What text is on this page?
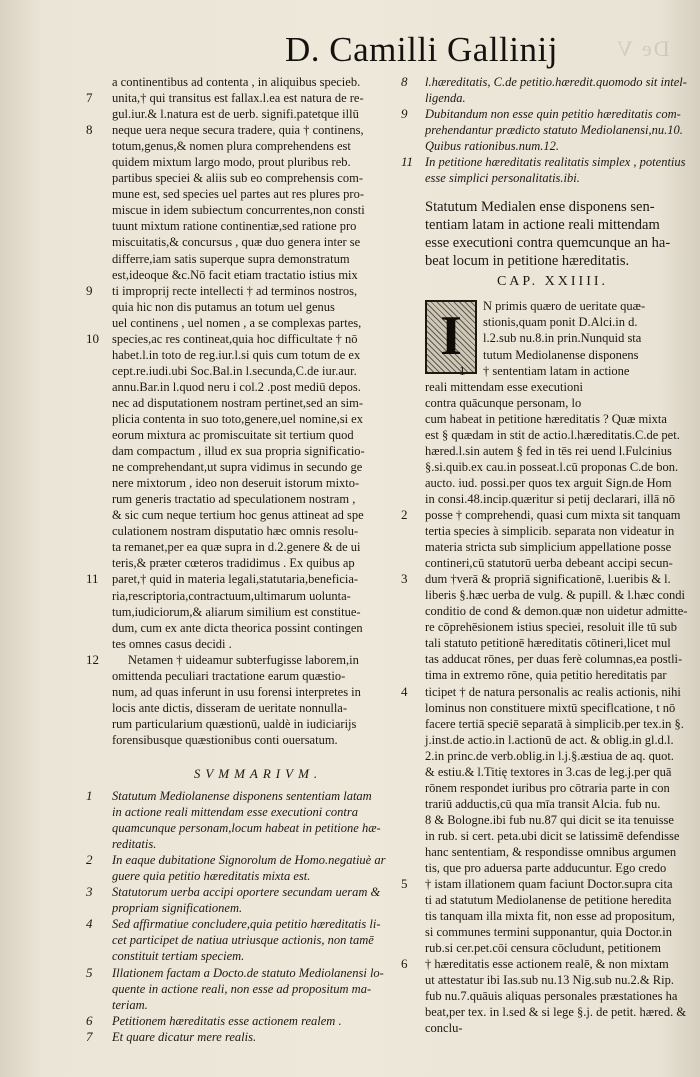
De V
D. Camilli Gallinij
a continentibus ad contenta , in aliquibus specieb.
7 unita,† qui transitus est fallax.l.ea est natura de re-
gul.iur.& l.natura est de uerb. signifi.patetque illū
8 neque uera neque secura tradere, quia † continens,
totum,genus,& nomen plura comprehendens est
quidem mixtum largo modo, prout pluribus reb.
partibus speciei & aliis sub eo comprehensis com-
mune est, sed species uel partes aut res plures pro-
miscue in idem subiectum concurrentes,non consti
tuunt mixtum ratione continentiæ,sed ratione pro
miscuitatis,& concursus , quæ duo genera inter se
differre,iam satis superque supra demonstratum
est,ideoque &c.Nō facit etiam tractatio istius mix
9 ti improprij recte intellecti † ad terminos nostros,
quia hic non dis putamus an totum uel genus
uel continens , uel nomen , a se complexas partes,
10 species,ac res contineat,quia hoc difficultate † nō
habet.l.in toto de reg.iur.l.si quis cum totum de ex
cept.re.iudi.ubi Soc.Bal.in l.secunda,C.de iur.aur.
annu.Bar.in l.quod neru i col.2 .post mediū depos.
nec ad disputationem nostram pertinet,sed an sim-
plicia contenta in suo toto,genere,uel nomine,si ex
eorum mixtura ac promiscuitate sit tertium quod
dam compactum , illud ex sua propria significatio-
ne comprehendant,ut supra vidimus in secundo ge
nere mixtorum , ideo non deseruit istorum mixto-
rum generis tractatio ad speculationem nostram ,
& sic cum neque tertium hoc genus attineat ad spe
culationem nostram disputatio hæc omnis resolu-
ta remanet,per ea quæ supra in d.2.genere & de ui
teris,& præter cœteros tradidimus . Ex quibus ap
11 paret,† quid in materia legali,statutaria,beneficia-
ria,rescriptoria,contractuum,ultimarum uolunta-
tum,iudiciorum,& aliarum similium est constitue-
dum, cum ex ante dicta theorica possint contingen
tes omnes casus decidi .
12 Netamen † uideamur subterfugisse laborem,in
omittenda peculiari tractatione earum quæstio-
num, ad quas inferunt in usu forensi interpretes in
locis ante dictis, disseram de ueritate nonnulla-
rum particularium quæstionū, ualdè in iudiciarijs
forensibusque quæstionibus conti ouersatum.
SVMMARIVM.
1 Statutum Mediolanense disponens sententiam latam
in actione reali mittendam esse executioni contra
quamcunque personam,locum habeat in petitione hæ-
reditatis.
2 In eaque dubitatione Signorolum de Homo.negatiuè ar
guere quia petitio hæreditatis mixta est.
3 Statutorum uerba accipi oportere secundam ueram &
propriam significationem.
4 Sed affirmatiue concludere,quia petitio hæreditatis li-
cet participet de natiua utriusque actionis, non tamē
constituit tertiam speciem.
5 Illationem factam a Docto.de statuto Mediolanensi lo-
quente in actione reali, non esse ad propositum ma-
teriam.
6 Petitionem hæreditatis esse actionem realem .
7 Et quare dicatur mere realis.
8 l.hæreditatis, C.de petitio.hæredit.quomodo sit intel-
ligenda.
9 Dubitandum non esse quin petitio hæreditatis com-
prehendantur prædicto statuto Mediolanensi,nu.10.
Quibus rationibus.num.12.
11 In petitione hæreditatis realitatis simplex , potentius
esse simplici personalitatis.ibi.
Statutum Medialen ense disponens sen-
tentiam latam in actione reali mittendam
esse executioni contra quemcunque an ha-
beat locum in petitione hæreditatis.
CAP. XXIIII.
I	N primis quæro de ueritate quæ-
stionis,quam ponit D.Alci.in d.
l.2.sub nu.8.in prin.Nunquid sta
tutum Mediolanense disponens
1 † sententiam latam in actione
reali mittendam esse executioni
contra quācunque personam, lo
cum habeat in petitione hæreditatis ? Quæ mixta
est § quædam in stit de actio.l.hæreditatis.C.de pet.
hæred.l.sin autem § fed in tēs rei uend l.Fulcinius
§.si.quib.ex cau.in posseat.l.cū proponas C.de bon.
aucto. iud. possi.per quos tex arguit Sign.de Hom
in consi.48.incip.quæritur si petij declarari, illā nō
2 posse † comprehendi, quasi cum mixta sit tanquam
tertia species à simplicib. separata non videatur in
materia stricta sub simplicium appellatione posse
contineri,cū statutorū uerba debeant accipi secun-
3 dum †verā & propriā significationē, l.ueribis & l.
liberis §.hæc uerba de vulg. & pupill. & l.hæc condi
conditio de cond & demon.quæ non uidetur admitte-
re cōprehēsionem istius speciei, resoluit ille tū sub
tali statuto petitionē hæreditatis cōtineri,licet mul
tas adducat rōnes, per duas ferè columnas,ea postli-
tima in extremo rōne, quia petitio hereditatis par
4 ticipet † de natura personalis ac realis actionis, nihi
lominus non constituere mixtū speciflcatione, t nō
facere tertiā speciē separatā à simplicib.per tex.in §.
j.inst.de actio.in l.actionū de act. & oblig.in gl.d.l.
2.in princ.de verb.oblig.in l.j.§.æstiua de aq. quot.
& estiu.& l.Titię textores in 3.cas de leg.j.per quā
rōnem respondet iuribus pro cōtraria parte in con
trariū adductis,cū qua mīa transit Alcia. fub nu.
8 & Bologne.ibi fub nu.87 qui dicit se ita tenuisse
in rub. si cert. peta.ubi dicit se latissimē defendisse
hanc sententiam, & respondisse omnibus argumen
tis, que pro aduersa parte adducuntur. Ego credo
5 † istam illationem quam faciunt Doctor.supra cita
ti ad statutum Mediolanense de petitione heredita
tis tanquam illa mixta fit, non esse ad propositum,
si communes termini supponantur, quia Doctor.in
rub.si cer.pet.cōi censura cōcludunt, petitionem
6 † hæreditatis esse actionem realē, & non mixtam
ut attestatur ibi Ias.sub nu.13 Nig.sub nu.2.& Rip.
fub nu.7.quāuis aliquas personales præstationes ha
beat,per tex. in l.sed & si lege §.j. de petit. hæred. &
conclu-
